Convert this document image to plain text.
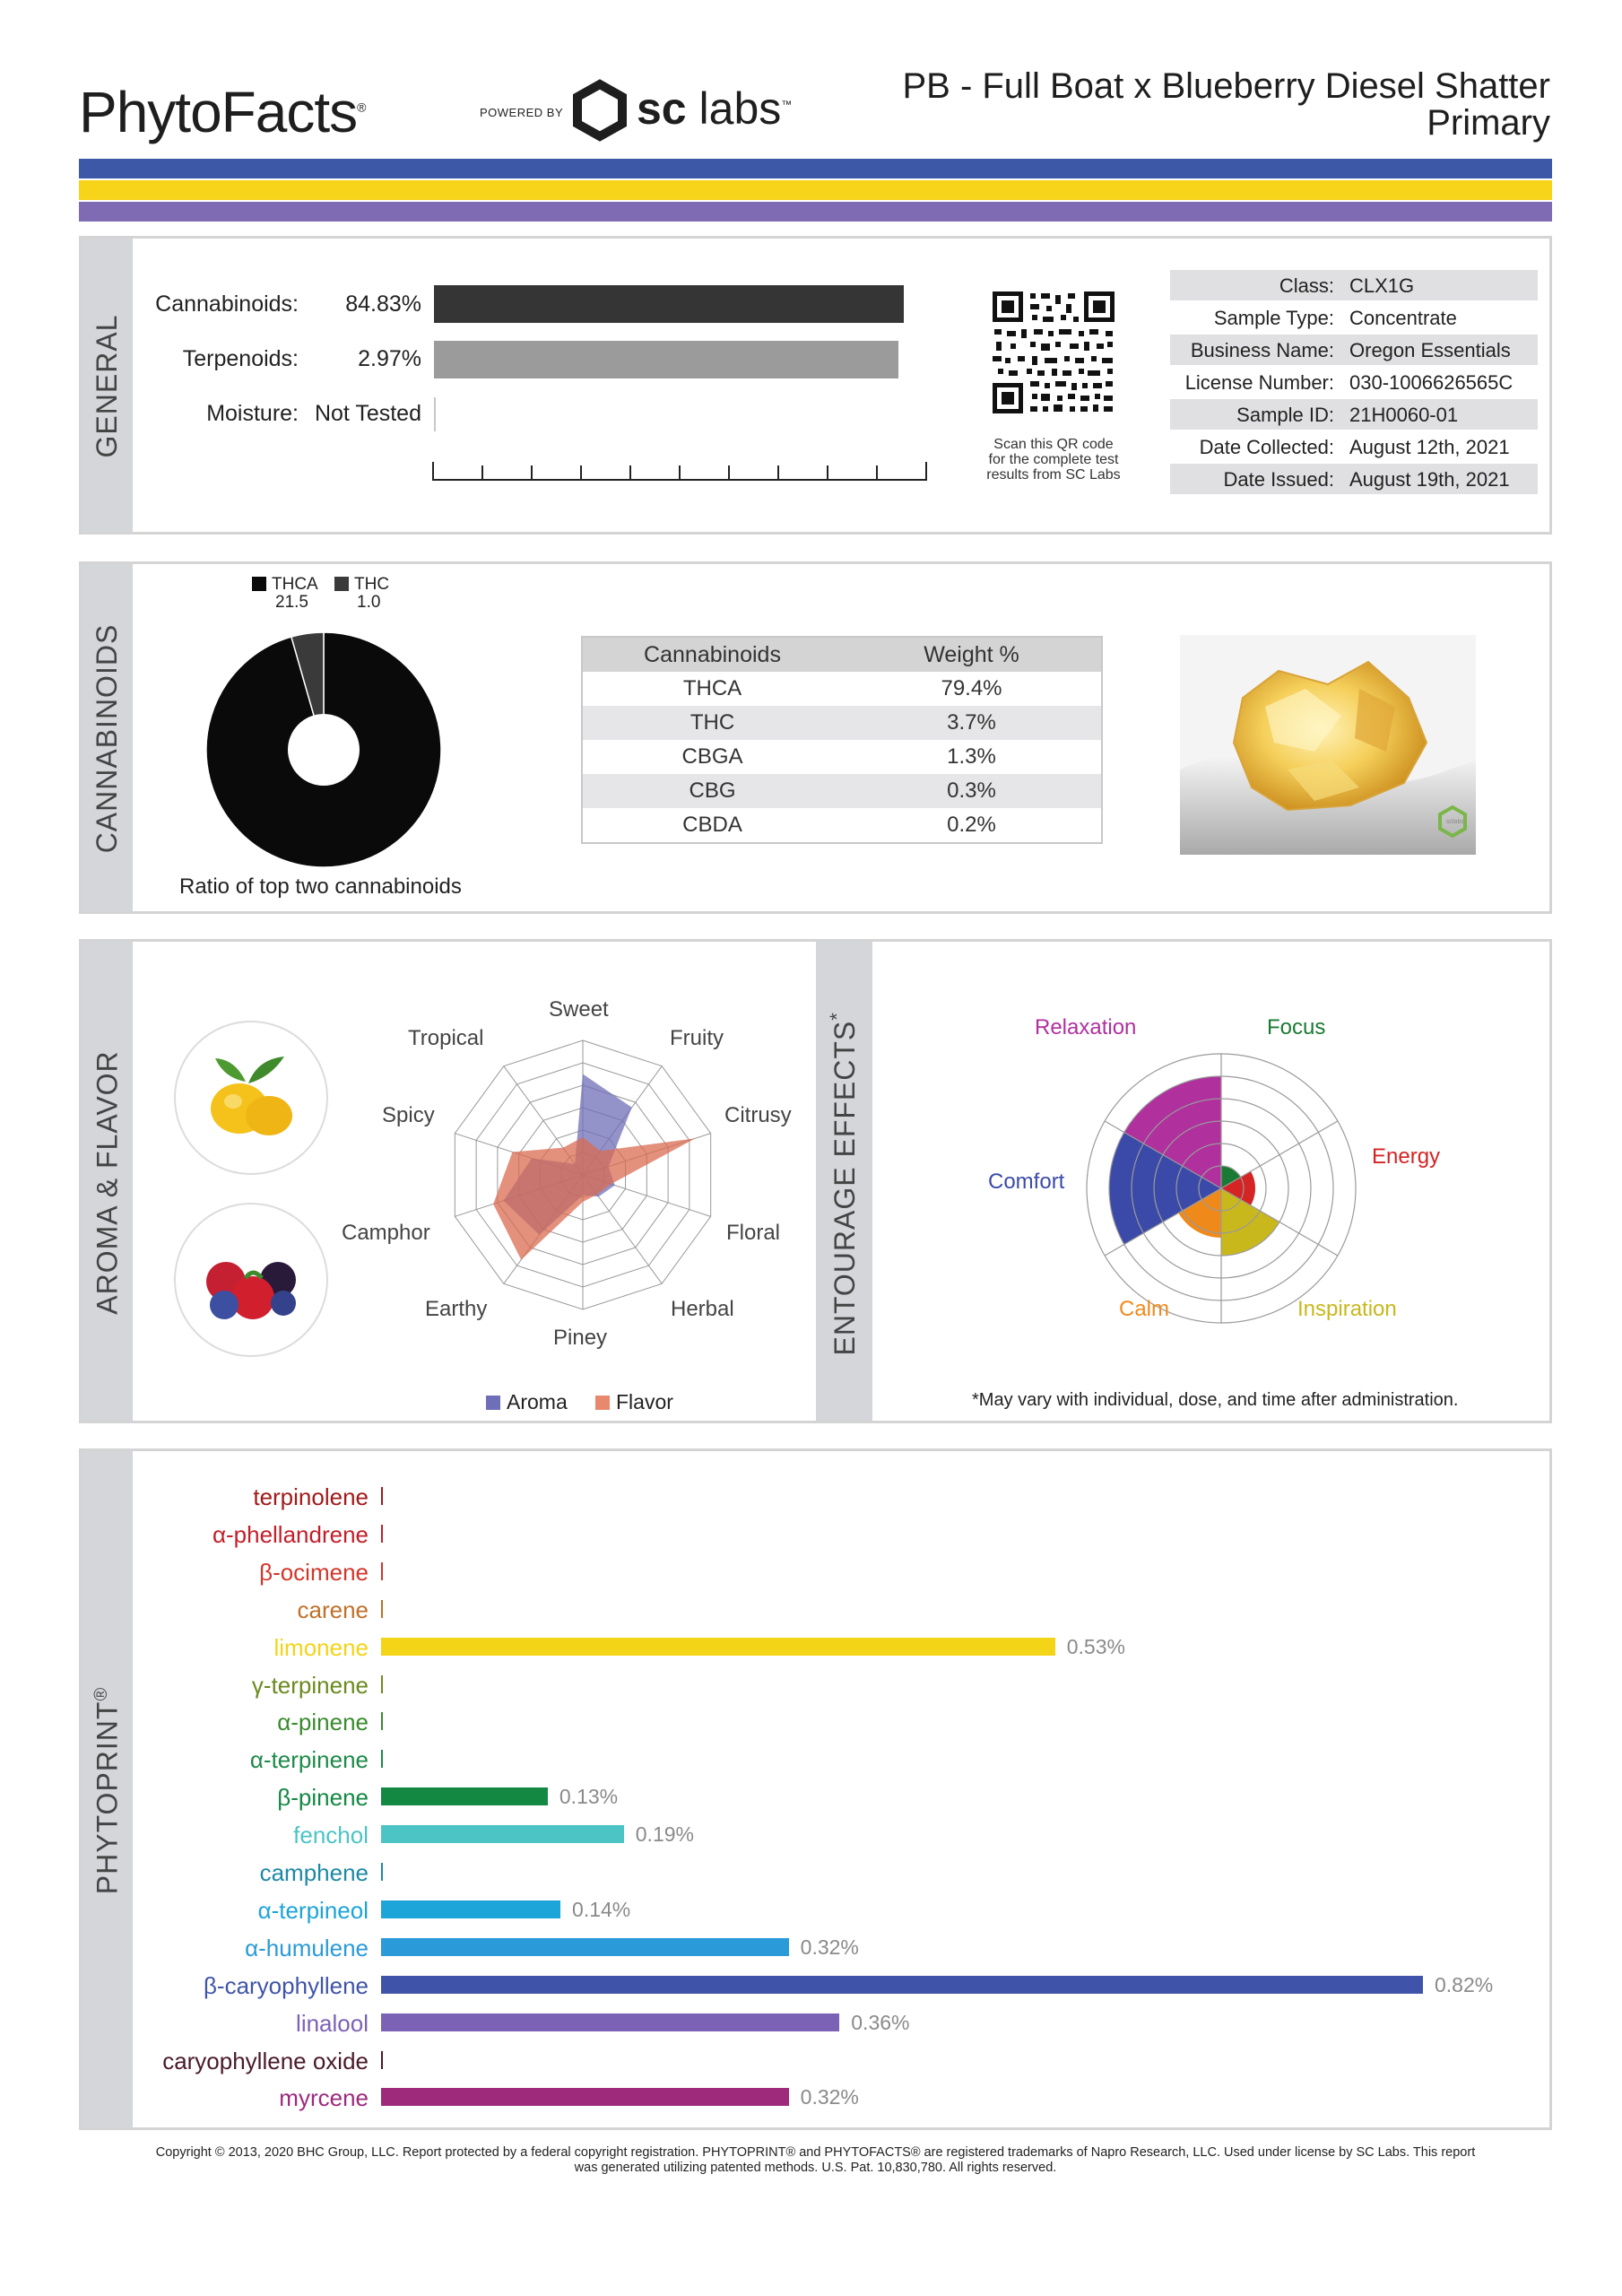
PhytoFacts®	POWERED BY sc labs™	PB - Full Boat x Blueberry Diesel Shatter
Primary
GENERAL
Cannabinoids:	84.83%
Terpenoids:	2.97%
Moisture: Not Tested
Scan this QR code
for the complete test
results from SC Labs
Class: CLX1G
Sample Type: Concentrate
Business Name: Oregon Essentials
License Number: 030-1006626565C
Sample ID: 21H0060-01
Date Collected: August 12th, 2021
Date Issued: August 19th, 2021
CANNABINOIDS
THCA
21.5
THC
1.0
Ratio of top two cannabinoids
Cannabinoids	Weight %
THCA	79.4%
THC	3.7%
CBGA	1.3%
CBG	0.3%
CBDA	0.2%	sclabs
AROMA & FLAVOR
Sweet
Fruity
Citrusy
Floral
Herbal
Piney
Earthy
Camphor
Spicy
Tropical
Aroma Flavor
ENTOURAGE EFFECTS*	Relaxation	Focus
Energy
Inspiration
Calm
Comfort
*May vary with individual, dose, and time after administration.
PHYTOPRINT®
terpinolene
α-phellandrene
β-ocimene
carene
limonene	0.53%
γ-terpinene
α-pinene
α-terpinene
β-pinene	0.13%
fenchol	0.19%
camphene
α-terpineol	0.14%
α-humulene	0.32%
β-caryophyllene	0.82%
linalool	0.36%
caryophyllene oxide
myrcene	0.32%
Copyright © 2013, 2020 BHC Group, LLC. Report protected by a federal copyright registration. PHYTOPRINT® and PHYTOFACTS® are registered trademarks of Napro Research, LLC. Used under license by SC Labs. This report
was generated utilizing patented methods. U.S. Pat. 10,830,780. All rights reserved.
